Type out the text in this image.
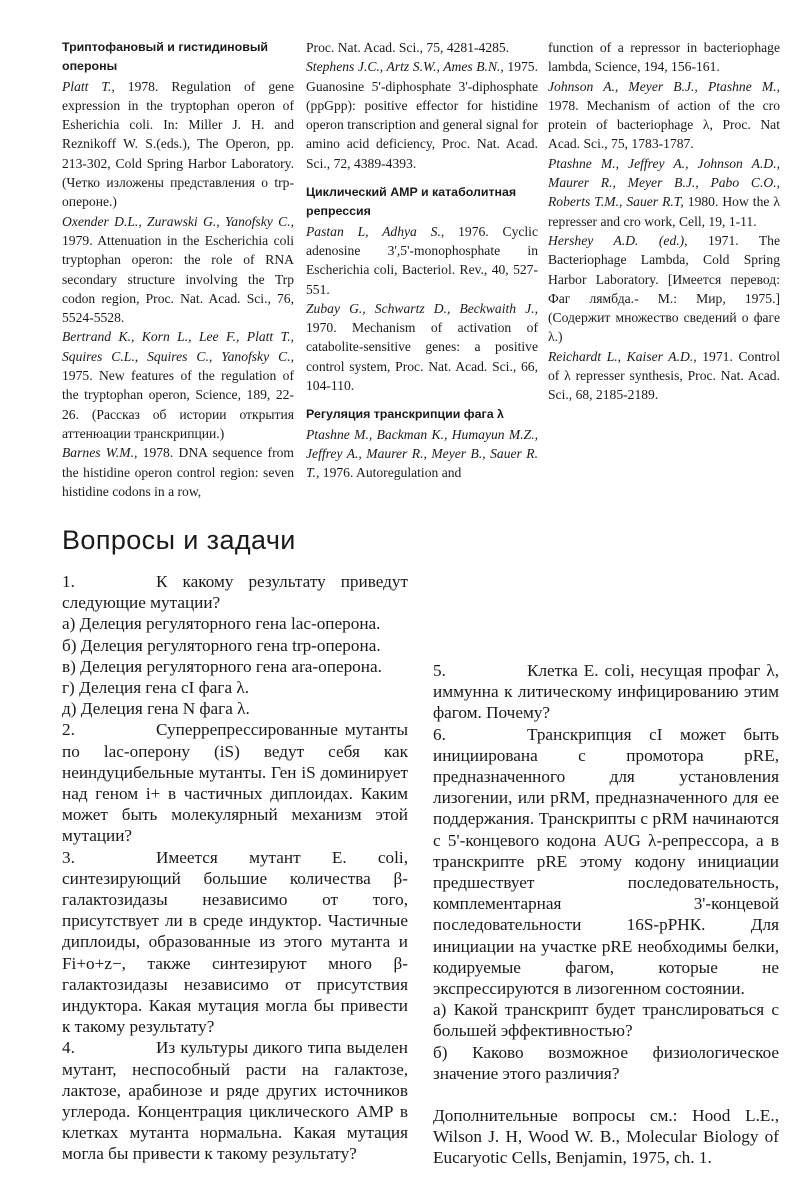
Триптофановый и гистидиновый опероны
Platt T., 1978. Regulation of gene expression in the tryptophan operon of Esherichia coli. In: Miller J. H. and Reznikoff W. S.(eds.), The Operon, pp. 213-302, Cold Spring Harbor Laboratory. (Четко изложены представления о trp-опероне.)
Oxender D.L., Zurawski G., Yanofsky C., 1979. Attenuation in the Escherichia coli tryptophan operon: the role of RNA secondary structure involving the Trp codon region, Proc. Nat. Acad. Sci., 76, 5524-5528.
Bertrand K., Korn L., Lee F., Platt T., Squires C.L., Squires C., Yanofsky C., 1975. New features of the regulation of the tryptophan operon, Science, 189, 22-26. (Рассказ об истории открытия аттенюации транскрипции.)
Barnes W.M., 1978. DNA sequence from the histidine operon control region: seven histidine codons in a row,
Proc. Nat. Acad. Sci., 75, 4281-4285.
Stephens J.C., Artz S.W., Ames B.N., 1975. Guanosine 5'-diphosphate 3'-diphosphate (ppGpp): positive effector for histidine operon transcription and general signal for amino acid deficiency, Proc. Nat. Acad. Sci., 72, 4389-4393.
Циклический AMP и катаболитная репрессия
Pastan L, Adhya S., 1976. Cyclic adenosine 3',5'-monophosphate in Escherichia coli, Bacteriol. Rev., 40, 527-551.
Zubay G., Schwartz D., Beckwaith J., 1970. Mechanism of activation of catabolite-sensitive genes: a positive control system, Proc. Nat. Acad. Sci., 66, 104-110.
Регуляция транскрипции фага λ
Ptashne M., Backman K., Humayun M.Z., Jeffrey A., Maurer R., Meyer B., Sauer R. T., 1976. Autoregulation and
function of a repressor in bacteriophage lambda, Science, 194, 156-161.
Johnson A., Meyer B.J., Ptashne M., 1978. Mechanism of action of the cro protein of bacteriophage λ, Proc. Nat Acad. Sci., 75, 1783-1787.
Ptashne M., Jeffrey A., Johnson A.D., Maurer R., Meyer B.J., Pabo C.O., Roberts T.M., Sauer R.T, 1980. How the λ represser and cro work, Cell, 19, 1-11.
Hershey A.D. (ed.), 1971. The Bacteriophage Lambda, Cold Spring Harbor Laboratory. [Имеется перевод: Фаг лямбда.- М.: Мир, 1975.] (Содержит множество сведений о фаге λ.)
Reichardt L., Kaiser A.D., 1971. Control of λ represser synthesis, Proc. Nat. Acad. Sci., 68, 2185-2189.
Вопросы и задачи

1.	К какому результату приведут следующие мутации?

а) Делеция регуляторного гена lac-оперона.

б) Делеция регуляторного гена trp-оперона.

в) Делеция регуляторного гена ara-оперона.

г) Делеция гена cI фага λ.

д) Делеция гена N фага λ.

2.	Суперрепрессированные мутанты по lac-оперону (iS) ведут себя как неиндуцибельные мутанты. Ген iS доминирует над геном i+ в частичных диплоидах. Каким может быть молекулярный механизм этой мутации?

3.	Имеется мутант E. coli, синтезирующий большие количества β-галактозидазы независимо от того, присутствует ли в среде индуктор. Частичные диплоиды, образованные из этого мутанта и Fi+o+z−, также синтезируют много β-галактозидазы независимо от присутствия индуктора. Какая мутация могла бы привести к такому результату?

4.	Из культуры дикого типа выделен мутант, неспособный расти на галактозе, лактозе, арабинозе и ряде других источников углерода. Концентрация циклического AMP в клетках мутанта нормальна. Какая мутация могла бы привести к такому результату?

5.	Клетка E. coli, несущая профаг λ, иммунна к литическому инфицированию этим фагом. Почему?

6.	Транскрипция cI может быть инициирована с промотора pRE, предназначенного для установления лизогении, или pRM, предназначенного для ее поддержания. Транскрипты с pRM начинаются с 5'-концевого кодона AUG λ-репрессора, а в транскрипте pRE этому кодону инициации предшествует последовательность, комплементарная 3'-концевой последовательности 16S-рРНК. Для инициации на участке pRE необходимы белки, кодируемые фагом, которые не экспрессируются в лизогенном состоянии.

а) Какой транскрипт будет транслироваться с большей эффективностью?

б) Каково возможное физиологическое значение этого различия?

Дополнительные вопросы см.: Hood L.E., Wilson J. H, Wood W. В., Molecular Biology of Eucaryotic Cells, Benjamin, 1975, ch. 1.
